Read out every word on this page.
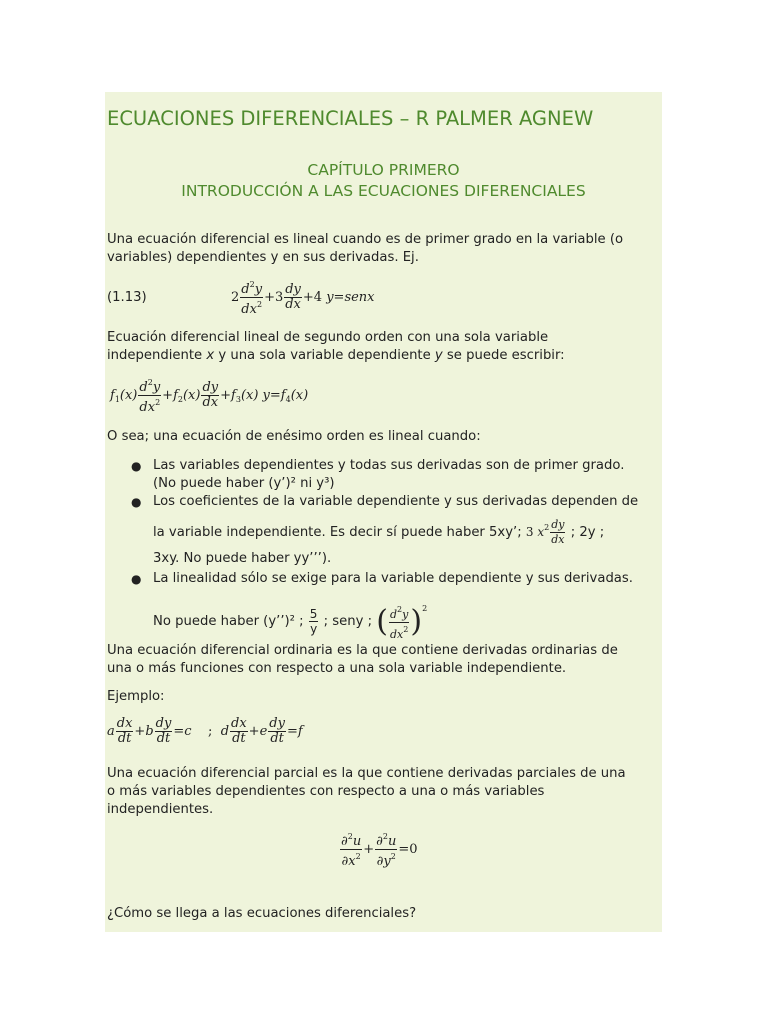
ECUACIONES DIFERENCIALES – R PALMER AGNEW
CAPÍTULO PRIMERO
INTRODUCCIÓN A LAS ECUACIONES DIFERENCIALES
Una ecuación diferencial es lineal cuando es de primer grado en la variable (o
variables) dependientes y en sus derivadas. Ej.
(1.13)	$2 \frac{d^2y}{dx^2} +3 \frac{dy}{dx} +4$ y=senx
Ecuación diferencial lineal de segundo orden con una sola variable
independiente x y una sola variable dependiente y se puede escribir:
$f_1(x) \frac{d^2y}{dx^2} +f_2(x) \frac{dy}{dx} +f_3(x)$ $y=f_4(x)$
O sea; una ecuación de enésimo orden es lineal cuando:
● Las variables dependientes y todas sus derivadas son de primer grado.
(No puede haber (y’)² ni y³)
● Los coeficientes de la variable dependiente y sus derivadas dependen de
la variable independiente. Es decir sí puede haber 5xy’; 3 $x^2 \frac{dy}{dx}$ ; 2y ;
3xy. No puede haber yy’’’).
● La linealidad sólo se exige para la variable dependiente y sus derivadas.
No puede haber (y’’)² ; $\frac{5}{y}$ ; seny ; ( $\frac{d^2y}{dx^2} )^2$
Una ecuación diferencial ordinaria es la que contiene derivadas ordinarias de
una o más funciones con respecto a una sola variable independiente.
Ejemplo:
a $\frac{dx}{dt} +b \frac{dy}{dt} =c$    ;  d $\frac{dx}{dt} +e \frac{dy}{dt} =f$
Una ecuación diferencial parcial es la que contiene derivadas parciales de una
o más variables dependientes con respecto a una o más variables
independientes.
$\frac{\partial^2u}{\partial x^2} + \frac{\partial^2u}{\partial y^2} =0$
¿Cómo se llega a las ecuaciones diferenciales?
